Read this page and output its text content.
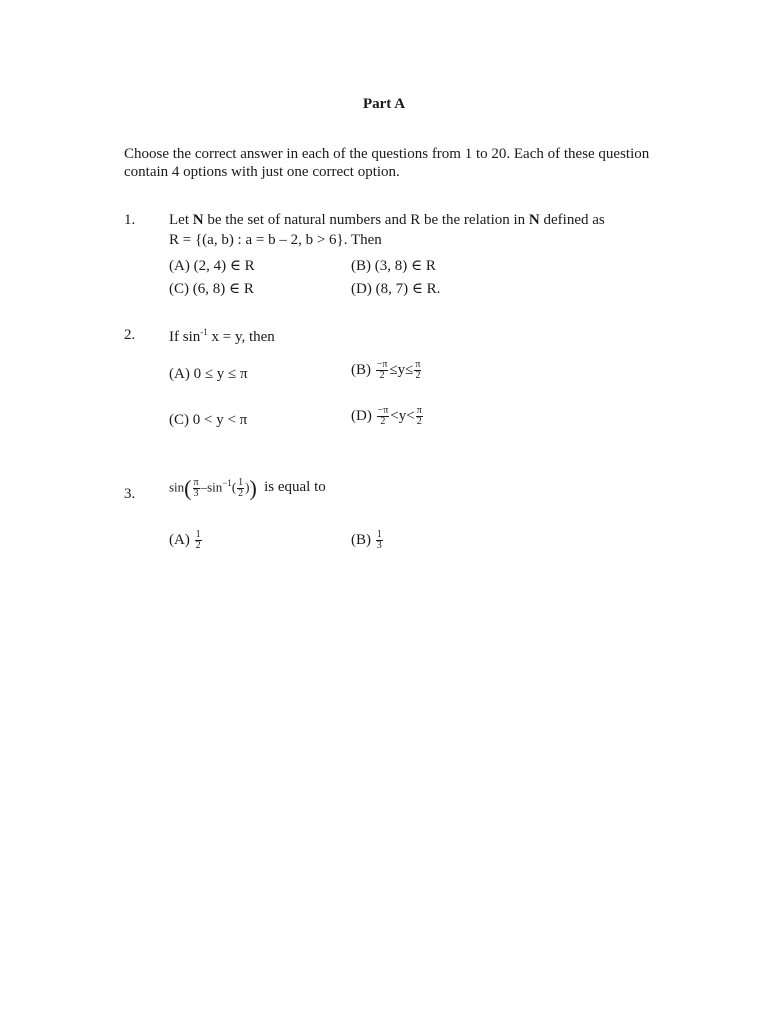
Part A
Choose the correct answer in each of the questions from 1 to 20. Each of these question contain 4 options with just one correct option.
1. Let N be the set of natural numbers and R be the relation in N defined as
R = {(a, b) : a = b – 2, b > 6}. Then
(A) (2, 4) ∈ R	(B) (3, 8) ∈ R
(C) (6, 8) ∈ R	(D) (8, 7) ∈ R.
2. If $\sin^{-1} x = y$, then
(A) 0 ≤ y ≤ π	$(B) \frac{-\pi}{2} \le y\le \frac{\pi}{2}$
(C) 0 < y < π	$(D) \frac{-\pi}{2} <y< \frac{\pi}{2}$
3.	$\sin( \frac{\pi}{3} -\sin^{-1}( \frac{1}{2}$ )) is equal to
$(A) \frac{1}{2}$	$(B) \frac{1}{3}$
